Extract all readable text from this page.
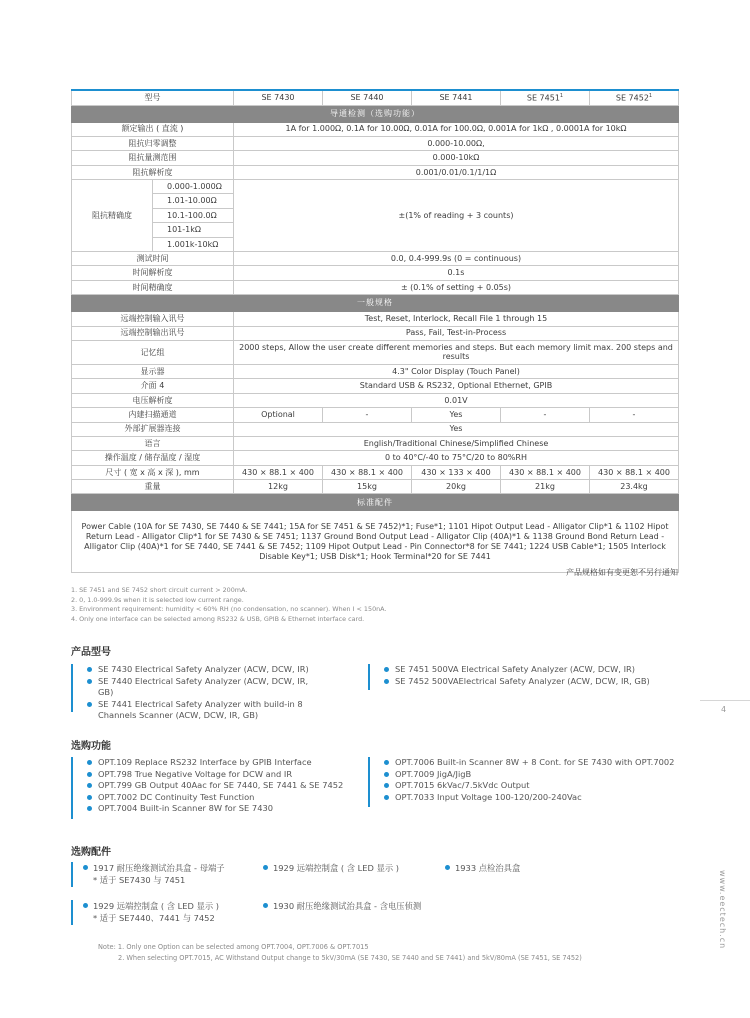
型号		SE 7430	SE 7440	SE 7441	SE 7451$^1$	SE 7452$^1$
导通检测（选购功能）						
额定输出 ( 直流 )		1A for 1.000Ω, 0.1A for 10.00Ω, 0.01A for 100.0Ω, 0.001A for 1kΩ , 0.0001A for 10kΩ				
阻抗归零调整		0.000-10.00Ω,				
阻抗量测范围		0.000-10kΩ				
阻抗解析度		0.001/0.01/0.1/1/1Ω				
阻抗精确度	0.000-1.000Ω	±(1% of reading + 3 counts)				
	1.01-10.00Ω					
	10.1-100.0Ω					
	101-1kΩ					
	1.001k-10kΩ					
测试时间		0.0, 0.4-999.9s (0 = continuous)				
时间解析度		0.1s				
时间精确度		± (0.1% of setting + 0.05s)				
一般规格						
远端控制输入讯号		Test, Reset, Interlock, Recall File 1 through 15				
远端控制输出讯号		Pass, Fail, Test-in-Process				
记忆组		2000 steps, Allow the user create different memories and steps. But each memory limit max. 200 steps and results				
显示器		4.3" Color Display (Touch Panel)				
介面 4		Standard USB & RS232, Optional Ethernet, GPIB				
电压解析度		0.01V				
内建扫描通道		Optional	-	Yes	-	-
外部扩展器连接		Yes				
语言		English/Traditional Chinese/Simplified Chinese				
操作温度 / 储存温度 / 湿度		0 to 40°C/-40 to 75°C/20 to 80%RH				
尺寸 ( 宽 x 高 x 深 ), mm		430 × 88.1 × 400	430 × 88.1 × 400	430 × 133 × 400	430 × 88.1 × 400	430 × 88.1 × 400
重量		12kg	15kg	20kg	21kg	23.4kg
标准配件						
Power Cable (10A for SE 7430, SE 7440 & SE 7441; 15A for SE 7451 & SE 7452)*1; Fuse*1; 1101 Hipot Output Lead - Alligator Clip*1 & 1102 Hipot Return Lead - Alligator Clip*1 for SE 7430 & SE 7451; 1137 Ground Bond Output Lead - Alligator Clip (40A)*1 & 1138 Ground Bond Return Lead - Alligator Clip (40A)*1 for SE 7440, SE 7441 & SE 7452; 1109 Hipot Output Lead - Pin Connector*8 for SE 7441; 1224 USB Cable*1; 1505 Interlock Disable Key*1; USB Disk*1; Hook Terminal*20 for SE 7441						
产品规格如有变更恕不另行通知
1. SE 7451 and SE 7452 short circuit current > 200mA.
2. 0, 1.0-999.9s when it is selected low current range.
3. Environment requirement: humidity < 60% RH (no condensation, no scanner). When I < 150nA.
4. Only one interface can be selected among RS232 & USB, GPIB & Ethernet interface card.
产品型号
SE 7430 Electrical Safety Analyzer (ACW, DCW, IR)
SE 7440 Electrical Safety Analyzer (ACW, DCW, IR, GB)
SE 7441 Electrical Safety Analyzer with build-in 8 Channels Scanner (ACW, DCW, IR, GB)
SE 7451 500VA Electrical Safety Analyzer (ACW, DCW, IR)
SE 7452 500VAElectrical Safety Analyzer (ACW, DCW, IR, GB)
选购功能
OPT.109 Replace RS232 Interface by GPIB Interface
OPT.798 True Negative Voltage for DCW and IR
OPT.799 GB Output 40Aac for SE 7440, SE 7441 & SE 7452
OPT.7002 DC Continuity Test Function
OPT.7004 Built-in Scanner 8W for SE 7430
OPT.7006 Built-in Scanner 8W + 8 Cont. for SE 7430 with OPT.7002
OPT.7009 JigA/JigB
OPT.7015 6kVac/7.5kVdc Output
OPT.7033 Input Voltage 100-120/200-240Vac
选购配件
1917 耐压绝缘测试治具盒 - 母端子
* 适于 SE7430 与 7451
1929 远端控制盒 ( 含 LED 显示 )	1933 点检治具盒
1929 远端控制盒 ( 含 LED 显示 )
* 适于 SE7440、7441 与 7452
1930 耐压绝缘测试治具盒 - 含电压侦测
Note: 1. Only one Option can be selected among OPT.7004, OPT.7006 & OPT.7015
2. When selecting OPT.7015, AC Withstand Output change to 5kV/30mA (SE 7430, SE 7440 and SE 7441) and 5kV/80mA (SE 7451, SE 7452)
4
www.eectech.cn
